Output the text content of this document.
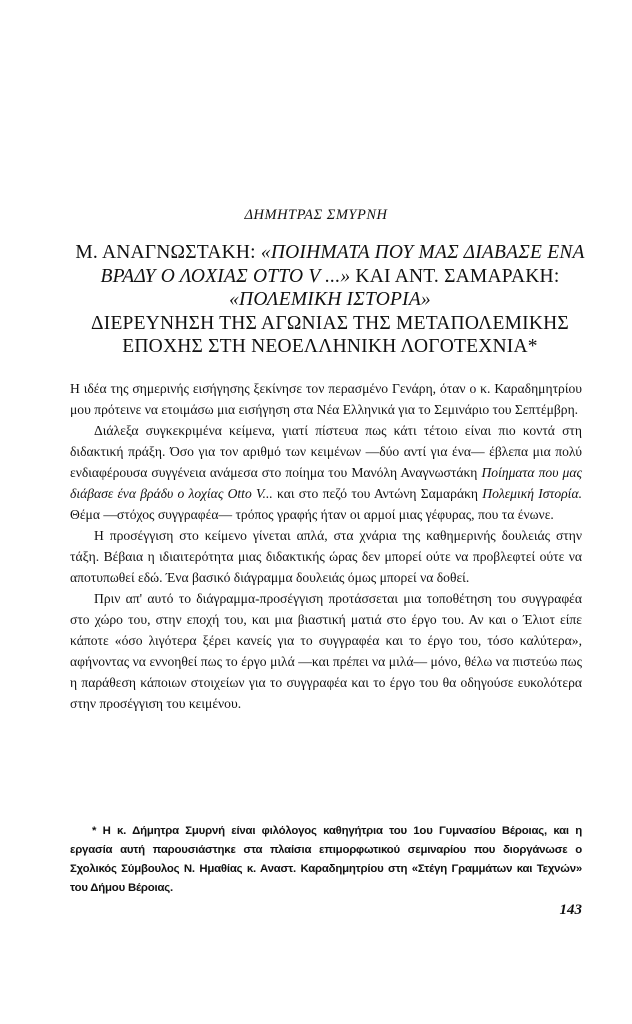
ΔΗΜΗΤΡΑΣ ΣΜΥΡΝΗ
Μ. ΑΝΑΓΝΩΣΤΑΚΗ: «ΠΟΙΗΜΑΤΑ ΠΟΥ ΜΑΣ ΔΙΑΒΑΣΕ ΕΝΑ ΒΡΑΔΥ Ο ΛΟΧΙΑΣ OTTO V ...» ΚΑΙ ΑΝΤ. ΣΑΜΑΡΑΚΗ:
«ΠΟΛΕΜΙΚΗ ΙΣΤΟΡΙΑ»
ΔΙΕΡΕΥΝΗΣΗ ΤΗΣ ΑΓΩΝΙΑΣ ΤΗΣ ΜΕΤΑΠΟΛΕΜΙΚΗΣ ΕΠΟΧΗΣ ΣΤΗ ΝΕΟΕΛΛΗΝΙΚΗ ΛΟΓΟΤΕΧΝΙΑ*

Η ιδέα της σημερινής εισήγησης ξεκίνησε τον περασμένο Γενάρη, όταν ο κ. Καραδημητρίου μου πρότεινε να ετοιμάσω μια εισήγηση στα Νέα Ελληνικά για το Σεμινάριο του Σεπτέμβρη.

Διάλεξα συγκεκριμένα κείμενα, γιατί πίστευα πως κάτι τέτοιο είναι πιο κοντά στη διδακτική πράξη. Όσο για τον αριθμό των κειμένων —δύο αντί για ένα— έβλεπα μια πολύ ενδιαφέρουσα συγγένεια ανάμεσα στο ποίημα του Μανόλη Αναγνωστάκη Ποίηματα που μας διάβασε ένα βράδυ ο λοχίας Otto V... και στο πεζό του Αντώνη Σαμαράκη Πολεμική Ιστορία. Θέμα —στόχος συγγραφέα— τρόπος γραφής ήταν οι αρμοί μιας γέφυρας, που τα ένωνε.

Η προσέγγιση στο κείμενο γίνεται απλά, στα χνάρια της καθημερινής δουλειάς στην τάξη. Βέβαια η ιδιαιτερότητα μιας διδακτικής ώρας δεν μπορεί ούτε να προβλεφτεί ούτε να αποτυπωθεί εδώ. Ένα βασικό διάγραμμα δουλειάς όμως μπορεί να δοθεί.

Πριν απ' αυτό το διάγραμμα-προσέγγιση προτάσσεται μια τοποθέτηση του συγγραφέα στο χώρο του, στην εποχή του, και μια βιαστική ματιά στο έργο του. Αν και ο Έλιοτ είπε κάποτε «όσο λιγότερα ξέρει κανείς για το συγγραφέα και το έργο του, τόσο καλύτερα», αφήνοντας να εννοηθεί πως το έργο μιλά —και πρέπει να μιλά— μόνο, θέλω να πιστεύω πως η παράθεση κάποιων στοιχείων για το συγγραφέα και το έργο του θα οδηγούσε ευκολότερα στην προσέγγιση του κειμένου.

* Η κ. Δήμητρα Σμυρνή είναι φιλόλογος καθηγήτρια του 1ου Γυμνασίου Βέροιας, και η εργασία αυτή παρουσιάστηκε στα πλαίσια επιμορφωτικού σεμιναρίου που διοργάνωσε ο Σχολικός Σύμβουλος Ν. Ημαθίας κ. Αναστ. Καραδημητρίου στη «Στέγη Γραμμάτων και Τεχνών» του Δήμου Βέροιας.

143
